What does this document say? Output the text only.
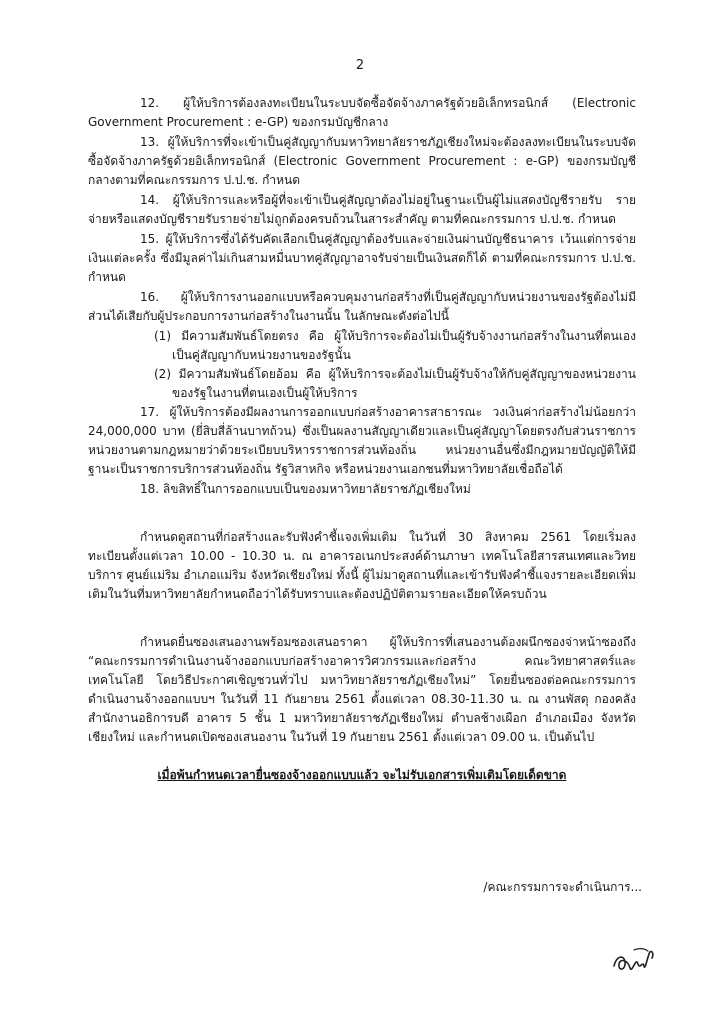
2

12. ผู้ให้บริการต้องลงทะเบียนในระบบจัดซื้อจัดจ้างภาครัฐด้วยอิเล็กทรอนิกส์ (Electronic Government Procurement : e-GP) ของกรมบัญชีกลาง

13. ผู้ให้บริการที่จะเข้าเป็นคู่สัญญากับมหาวิทยาลัยราชภัฏเชียงใหม่จะต้องลงทะเบียนในระบบจัดซื้อจัดจ้างภาครัฐด้วยอิเล็กทรอนิกส์ (Electronic Government Procurement : e-GP) ของกรมบัญชีกลางตามที่คณะกรรมการ ป.ป.ช. กำหนด

14. ผู้ให้บริการและหรือผู้ที่จะเข้าเป็นคู่สัญญาต้องไม่อยู่ในฐานะเป็นผู้ไม่แสดงบัญชีรายรับ รายจ่ายหรือแสดงบัญชีรายรับรายจ่ายไม่ถูกต้องครบถ้วนในสาระสำคัญ ตามที่คณะกรรมการ ป.ป.ช. กำหนด

15. ผู้ให้บริการซึ่งได้รับคัดเลือกเป็นคู่สัญญาต้องรับและจ่ายเงินผ่านบัญชีธนาคาร เว้นแต่การจ่ายเงินแต่ละครั้ง ซึ่งมีมูลค่าไม่เกินสามหมื่นบาทคู่สัญญาอาจรับจ่ายเป็นเงินสดก็ได้ ตามที่คณะกรรมการ ป.ป.ช. กำหนด

16. ผู้ให้บริการงานออกแบบหรือควบคุมงานก่อสร้างที่เป็นคู่สัญญากับหน่วยงานของรัฐต้องไม่มีส่วนได้เสียกับผู้ประกอบการงานก่อสร้างในงานนั้น ในลักษณะดังต่อไปนี้

(1) มีความสัมพันธ์โดยตรง คือ ผู้ให้บริการจะต้องไม่เป็นผู้รับจ้างงานก่อสร้างในงานที่ตนเองเป็นคู่สัญญากับหน่วยงานของรัฐนั้น

(2) มีความสัมพันธ์โดยอ้อม คือ ผู้ให้บริการจะต้องไม่เป็นผู้รับจ้างให้กับคู่สัญญาของหน่วยงานของรัฐในงานที่ตนเองเป็นผู้ให้บริการ

17. ผู้ให้บริการต้องมีผลงานการออกแบบก่อสร้างอาคารสาธารณะ วงเงินค่าก่อสร้างไม่น้อยกว่า 24,000,000 บาท (ยี่สิบสี่ล้านบาทถ้วน) ซึ่งเป็นผลงานสัญญาเดียวและเป็นคู่สัญญาโดยตรงกับส่วนราชการ หน่วยงานตามกฎหมายว่าด้วยระเบียบบริหารราชการส่วนท้องถิ่น หน่วยงานอื่นซึ่งมีกฎหมายบัญญัติให้มีฐานะเป็นราชการบริการส่วนท้องถิ่น รัฐวิสาหกิจ หรือหน่วยงานเอกชนที่มหาวิทยาลัยเชื่อถือได้

18. ลิขสิทธิ์ในการออกแบบเป็นของมหาวิทยาลัยราชภัฏเชียงใหม่

กำหนดดูสถานที่ก่อสร้างและรับฟังคำชี้แจงเพิ่มเติม ในวันที่ 30 สิงหาคม 2561 โดยเริ่มลงทะเบียนตั้งแต่เวลา 10.00 - 10.30 น. ณ อาคารอเนกประสงค์ด้านภาษา เทคโนโลยีสารสนเทศและวิทยบริการ ศูนย์แม่ริม อำเภอแม่ริม จังหวัดเชียงใหม่ ทั้งนี้ ผู้ไม่มาดูสถานที่และเข้ารับฟังคำชี้แจงรายละเอียดเพิ่มเติมในวันที่มหาวิทยาลัยกำหนดถือว่าได้รับทราบและต้องปฏิบัติตามรายละเอียดให้ครบถ้วน

กำหนดยื่นซองเสนองานพร้อมซองเสนอราคา ผู้ให้บริการที่เสนองานต้องผนึกซองจ่าหน้าซองถึง “คณะกรรมการดำเนินงานจ้างออกแบบก่อสร้างอาคารวิศวกรรมและก่อสร้าง คณะวิทยาศาสตร์และเทคโนโลยี โดยวิธีประกาศเชิญชวนทั่วไป มหาวิทยาลัยราชภัฏเชียงใหม่” โดยยื่นซองต่อคณะกรรมการดำเนินงานจ้างออกแบบฯ ในวันที่ 11 กันยายน 2561 ตั้งแต่เวลา 08.30-11.30 น. ณ งานพัสดุ กองคลัง สำนักงานอธิการบดี อาคาร 5 ชั้น 1 มหาวิทยาลัยราชภัฏเชียงใหม่ ตำบลช้างเผือก อำเภอเมือง จังหวัดเชียงใหม่ และกำหนดเปิดซองเสนองาน ในวันที่ 19 กันยายน 2561 ตั้งแต่เวลา 09.00 น. เป็นต้นไป

เมื่อพ้นกำหนดเวลายื่นซองจ้างออกแบบแล้ว จะไม่รับเอกสารเพิ่มเติมโดยเด็ดขาด

/คณะกรรมการจะดำเนินการ...
